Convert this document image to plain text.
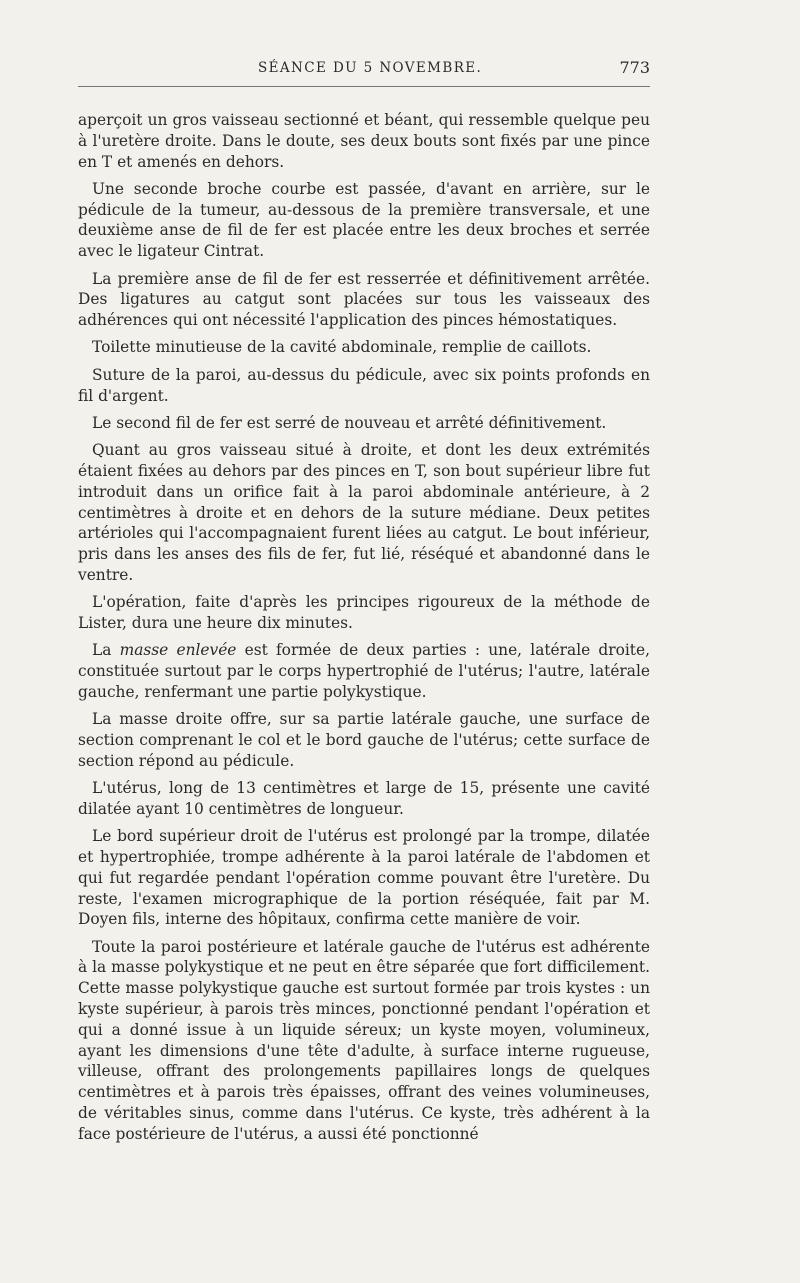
SÉANCE DU 5 NOVEMBRE.	773

aperçoit un gros vaisseau sectionné et béant, qui ressemble quelque peu à l'uretère droite. Dans le doute, ses deux bouts sont fixés par une pince en T et amenés en dehors.

Une seconde broche courbe est passée, d'avant en arrière, sur le pédicule de la tumeur, au-dessous de la première transversale, et une deuxième anse de fil de fer est placée entre les deux broches et serrée avec le ligateur Cintrat.

La première anse de fil de fer est resserrée et définitivement arrêtée. Des ligatures au catgut sont placées sur tous les vaisseaux des adhérences qui ont nécessité l'application des pinces hémostatiques.

Toilette minutieuse de la cavité abdominale, remplie de caillots.

Suture de la paroi, au-dessus du pédicule, avec six points profonds en fil d'argent.

Le second fil de fer est serré de nouveau et arrêté définitivement.

Quant au gros vaisseau situé à droite, et dont les deux extrémités étaient fixées au dehors par des pinces en T, son bout supérieur libre fut introduit dans un orifice fait à la paroi abdominale antérieure, à 2 centimètres à droite et en dehors de la suture médiane. Deux petites artérioles qui l'accompagnaient furent liées au catgut. Le bout inférieur, pris dans les anses des fils de fer, fut lié, réséqué et abandonné dans le ventre.

L'opération, faite d'après les principes rigoureux de la méthode de Lister, dura une heure dix minutes.

La masse enlevée est formée de deux parties : une, latérale droite, constituée surtout par le corps hypertrophié de l'utérus; l'autre, latérale gauche, renfermant une partie polykystique.

La masse droite offre, sur sa partie latérale gauche, une surface de section comprenant le col et le bord gauche de l'utérus; cette surface de section répond au pédicule.

L'utérus, long de 13 centimètres et large de 15, présente une cavité dilatée ayant 10 centimètres de longueur.

Le bord supérieur droit de l'utérus est prolongé par la trompe, dilatée et hypertrophiée, trompe adhérente à la paroi latérale de l'abdomen et qui fut regardée pendant l'opération comme pouvant être l'uretère. Du reste, l'examen micrographique de la portion réséquée, fait par M. Doyen fils, interne des hôpitaux, confirma cette manière de voir.

Toute la paroi postérieure et latérale gauche de l'utérus est adhérente à la masse polykystique et ne peut en être séparée que fort difficilement. Cette masse polykystique gauche est surtout formée par trois kystes : un kyste supérieur, à parois très minces, ponctionné pendant l'opération et qui a donné issue à un liquide séreux; un kyste moyen, volumineux, ayant les dimensions d'une tête d'adulte, à surface interne rugueuse, villeuse, offrant des prolongements papillaires longs de quelques centimètres et à parois très épaisses, offrant des veines volumineuses, de véritables sinus, comme dans l'utérus. Ce kyste, très adhérent à la face postérieure de l'utérus, a aussi été ponctionné
